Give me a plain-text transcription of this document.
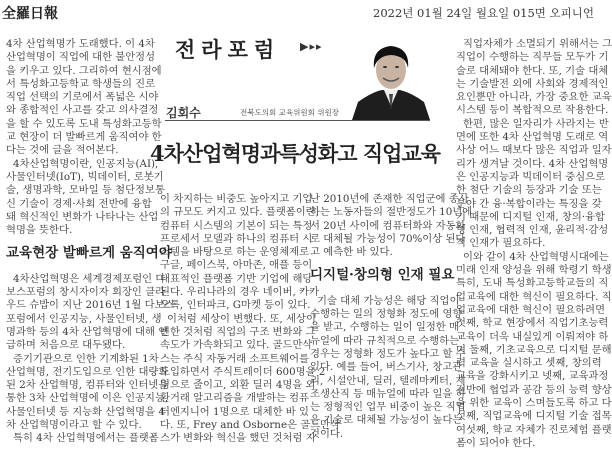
全羅日報	2022년 01월 24일 월요일 015면 오피니언
전라포럼 ▶▸▸
김회수	전북도의회 교육위원회 위원장
4차산업혁명과특성화고 직업교육
4차 산업혁명가 도래했다. 이 4차
산업혁명이 직업에 대한 불안정성
을 키우고 있다. 그리하여 현시점에
서 특성화고등학교 학생들의 진로
직업 선택의 기로에서 폭넓은 시야
와 종합적인 사고를 갖고 의사결정
을 할 수 있도록 도내 특성화고등학
교 현장이 더 발빠르게 움직여야 한
다는 것에 글을 적어본다.
4차산업혁명이란, 인공지능(AI),
사물인터넷(IoT), 빅데이터, 로봇기
술, 생명과학, 모바일 등 첨단정보통
신 기술이 경제·사회 전반에 융합
돼 혁신적인 변화가 나타나는 산업
혁명을 뜻한다.
교육현장 발빠르게 움직여야
4차산업혁명은 세계경제포럼인 다
보스포럼의 창시자이자 회장인 클라
우드 슈밥이 지난 2016년 1월 다보스
포럼에서 인공지능, 사물인터넷, 생
명과학 등의 4차 산업혁명에 대해 언
급하며 처음으로 대두됐다.
증기기관으로 인한 기계화된 1차
산업혁명, 전기도입으로 인한 대량화
된 2차 산업혁명, 컴퓨터와 인터넷을
통한 3차 산업혁명에 이은 인공지능,
사물인터넷 등 지능화 산업혁명을 4
차 산업혁명이라고 할 수 있다.
특히 4차 산업혁명에서는 플랫폼
이 차지하는 비중도 높아지고 기업
의 규모도 커지고 있다. 플랫폼이란,
컴퓨터 시스템의 기본이 되는 특정
프로세서 모델과 하나의 컴퓨터 시
스템을 바탕으로 하는 운영체제로
구글, 페이스북, 아마존, 애플 등이
대표적인 플랫폼 기반 기업에 해당
된다. 우리나라의 경우 네이버, 카카
오톡, 인터파크, G마켓 등이 있다.
이처럼 세상이 변했다. 또, 세상이
변한 것처럼 직업의 구조 변화와 그
속도가 가속화되고 있다. 골드만삭
스는 주식 자동거래 소프트웨어를
도입하면서 주식트레이더 600명을 2
명으로 줄이고, 외환 딜러 4명을 외
환거래 알고리즘을 개발하는 컴퓨
터엔지니어 1명으로 대체한 바 있
다. 또, Frey and Osborne은 골드만삭
스가 변화와 혁신을 했던 것처럼 지
난 2010년에 존재한 직업군에 종사
하는 노동자들의 절반정도가 10년에
서 20년 사이에 컴퓨터화와 자동화
로 대체될 가능성이 70%이상 된다
고 예측한 바 있다.
디지털·창의형 인재 필요
기술 대체 가능성은 해당 직업이
수행하는 일의 정형화 정도에 영향
을 받고, 수행하는 일이 일정한 매
뉴얼에 따라 규칙적으로 수행하는
경우는 정형화 정도가 높다고 할 수
있다. 예를 들어, 버스기사, 창고관
리, 시설안내, 딜러, 텔레마케터, 제
조생산직 등 매뉴얼에 따라 일을 하
는 정형적인 업무 비중이 높은 직업
은 기술로 대체될 가능성이 높다는
것이다.
직업자체가 소멸되기 위해서는 그
직업이 수행하는 직무들 모두가 기
술로 대체돼야 한다. 또, 기술 대체
는 기술발전 외에 사회와 경제적인
요인뿐만 아니라, 가장 중요한 교육
시스템 등이 복합적으로 작용한다.
한편, 많은 일자리가 사라지는 반
면에 또한 4차 산업혁명 도래로 역
사상 어느 때보다 많은 직업과 일자
리가 생겨날 것이다. 4차 산업혁명
은 인공지능과 빅데이터 중심으로
한 첨단 기술의 등장과 기술 또는
분야 간 융·복합이라는 특징을 갖
기 때문에 디지털 인재, 창의·융합
형 인재, 협력적 인재, 윤리적·감성
적 인재가 필요하다.
이와 같이 4차 산업혁명시대에는
미래 인재 양성을 위해 학령기 학생
특히, 도내 특성화고등학교들의 직
업교육에 대한 혁신이 필요하다. 직
업교육에 대한 혁신이 필요하려면
첫째, 학교 현장에서 직업기초능력
교육이 더욱 내실있게 이뤄져야 하
며 둘째, 기초교육으로 디지털 문해
력 교육을 실시하고 셋째, 창의력
교육을 강화시키고 넷째, 교육과정
전반에 협업과 공감 등의 능력 향상
을 위한 교육이 스며들도록 하고 다
섯째, 직업교육에 디지털 기술 접목
여섯째, 학교 자체가 진로체험 플랫
폼이 되어야 한다.
